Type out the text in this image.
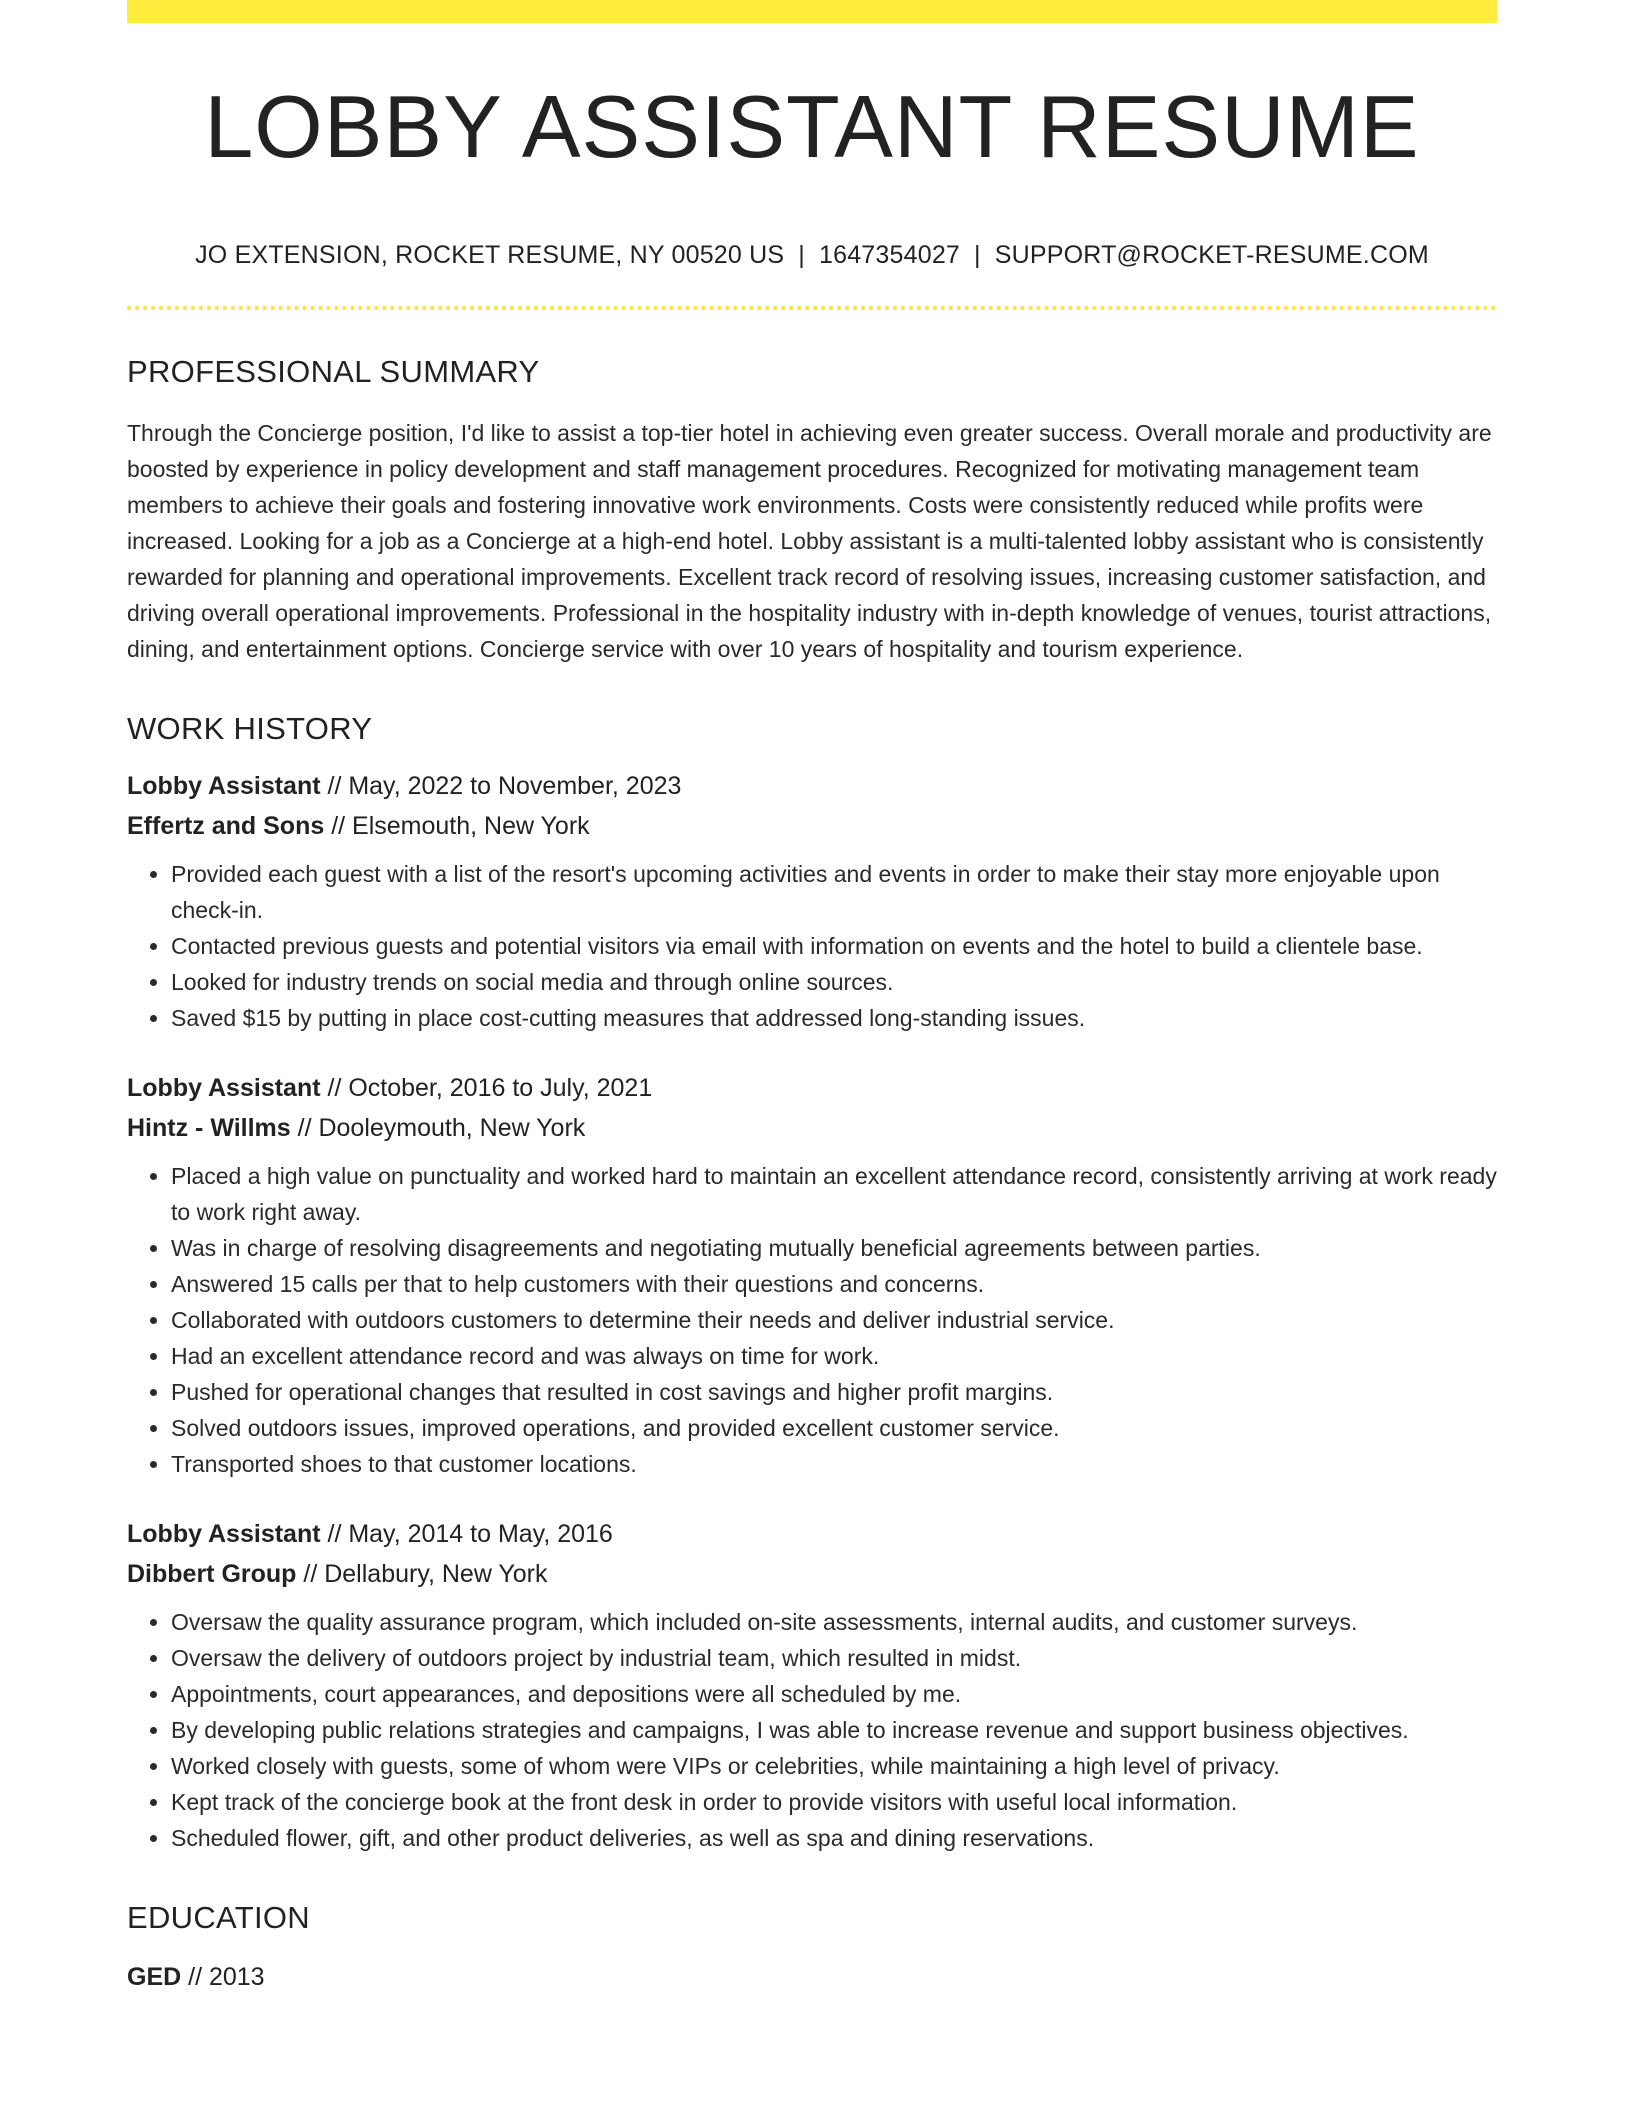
LOBBY ASSISTANT RESUME
JO EXTENSION, ROCKET RESUME, NY 00520 US | 1647354027 | SUPPORT@ROCKET-RESUME.COM
PROFESSIONAL SUMMARY
Through the Concierge position, I'd like to assist a top-tier hotel in achieving even greater success. Overall morale and productivity are boosted by experience in policy development and staff management procedures. Recognized for motivating management team members to achieve their goals and fostering innovative work environments. Costs were consistently reduced while profits were increased. Looking for a job as a Concierge at a high-end hotel. Lobby assistant is a multi-talented lobby assistant who is consistently rewarded for planning and operational improvements. Excellent track record of resolving issues, increasing customer satisfaction, and driving overall operational improvements. Professional in the hospitality industry with in-depth knowledge of venues, tourist attractions, dining, and entertainment options. Concierge service with over 10 years of hospitality and tourism experience.
WORK HISTORY
Lobby Assistant // May, 2022 to November, 2023
Effertz and Sons // Elsemouth, New York
• Provided each guest with a list of the resort's upcoming activities and events in order to make their stay more enjoyable upon check-in.
• Contacted previous guests and potential visitors via email with information on events and the hotel to build a clientele base.
• Looked for industry trends on social media and through online sources.
• Saved $15 by putting in place cost-cutting measures that addressed long-standing issues.
Lobby Assistant // October, 2016 to July, 2021
Hintz - Willms // Dooleymouth, New York
• Placed a high value on punctuality and worked hard to maintain an excellent attendance record, consistently arriving at work ready to work right away.
• Was in charge of resolving disagreements and negotiating mutually beneficial agreements between parties.
• Answered 15 calls per that to help customers with their questions and concerns.
• Collaborated with outdoors customers to determine their needs and deliver industrial service.
• Had an excellent attendance record and was always on time for work.
• Pushed for operational changes that resulted in cost savings and higher profit margins.
• Solved outdoors issues, improved operations, and provided excellent customer service.
• Transported shoes to that customer locations.
Lobby Assistant // May, 2014 to May, 2016
Dibbert Group // Dellabury, New York
• Oversaw the quality assurance program, which included on-site assessments, internal audits, and customer surveys.
• Oversaw the delivery of outdoors project by industrial team, which resulted in midst.
• Appointments, court appearances, and depositions were all scheduled by me.
• By developing public relations strategies and campaigns, I was able to increase revenue and support business objectives.
• Worked closely with guests, some of whom were VIPs or celebrities, while maintaining a high level of privacy.
• Kept track of the concierge book at the front desk in order to provide visitors with useful local information.
• Scheduled flower, gift, and other product deliveries, as well as spa and dining reservations.
EDUCATION
GED // 2013
